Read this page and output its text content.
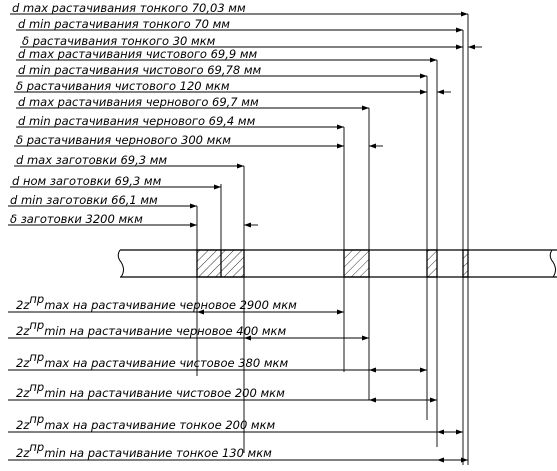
d max растачивания тонкого 70,03 мм
d min растачивания тонкого 70 мм
δ растачивания тонкого 30 мкм
d max растачивания чистового 69,9 мм
d min растачивания чистового 69,78 мм
δ растачивания чистового 120 мкм
d max растачивания чернового 69,7 мм
d min растачивания чернового 69,4 мм
δ растачивания чернового 300 мкм
d max заготовки 69,3 мм
d ном заготовки 69,3 мм
d min заготовки 66,1 мм
δ заготовки 3200 мкм
2zпрmax на растачивание черновое 2900 мкм
2zпрmin на растачивание черновое 400 мкм
2zпрmax на растачивание чистовое 380 мкм
2zпрmin на растачивание чистовое 200 мкм
2zпрmax на растачивание тонкое 200 мкм
2zпрmin на растачивание тонкое 130 мкм
